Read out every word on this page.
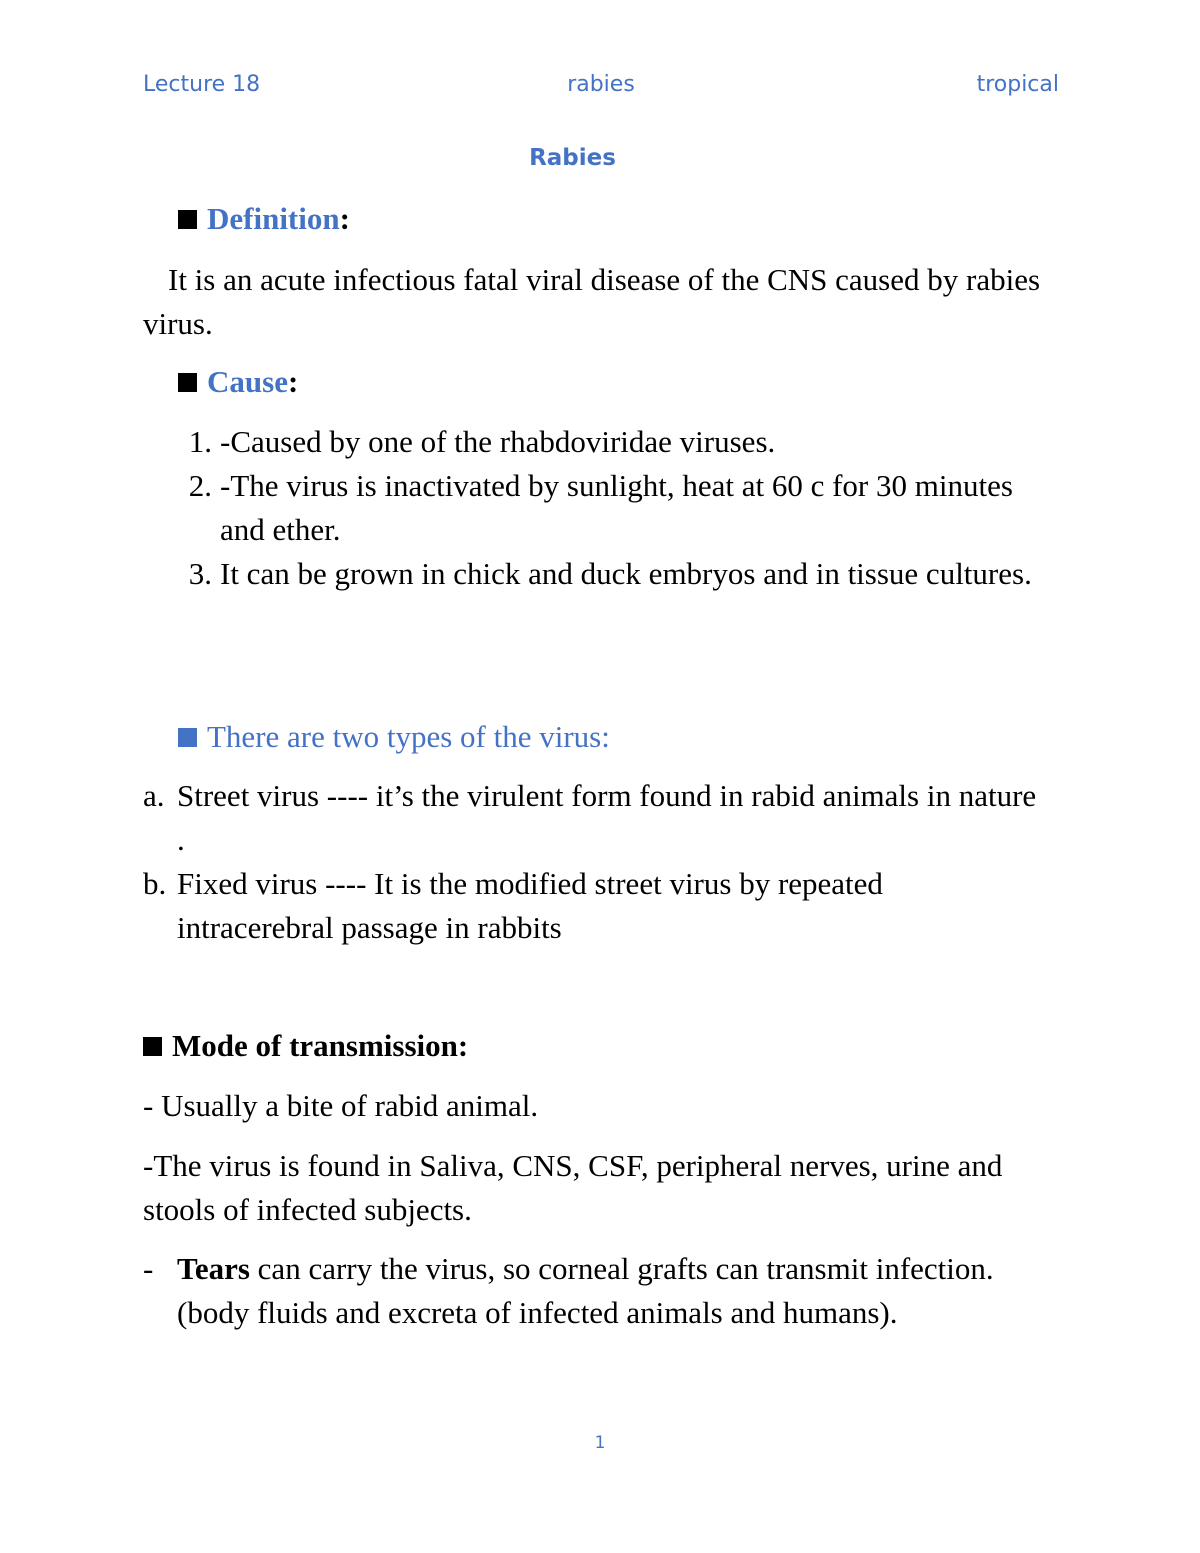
Lecture 18	rabies	tropical
Rabies
Definition:
It is an acute infectious fatal viral disease of the CNS caused by rabies virus.
Cause:
1. -Caused by one of the rhabdoviridae viruses.
2. -The virus is inactivated by sunlight, heat at 60 c for 30 minutes and ether.
3. It can be grown in chick and duck embryos and in tissue cultures.
There are two types of the virus:
a. Street virus ---- it’s the virulent form found in rabid animals in nature .
b. Fixed virus ---- It is the modified street virus by repeated intracerebral passage in rabbits
Mode of transmission:
- Usually a bite of rabid animal.
-The virus is found in Saliva, CNS, CSF, peripheral nerves, urine and stools of infected subjects.
- Tears can carry the virus, so corneal grafts can transmit infection. (body fluids and excreta of infected animals and humans).
1
